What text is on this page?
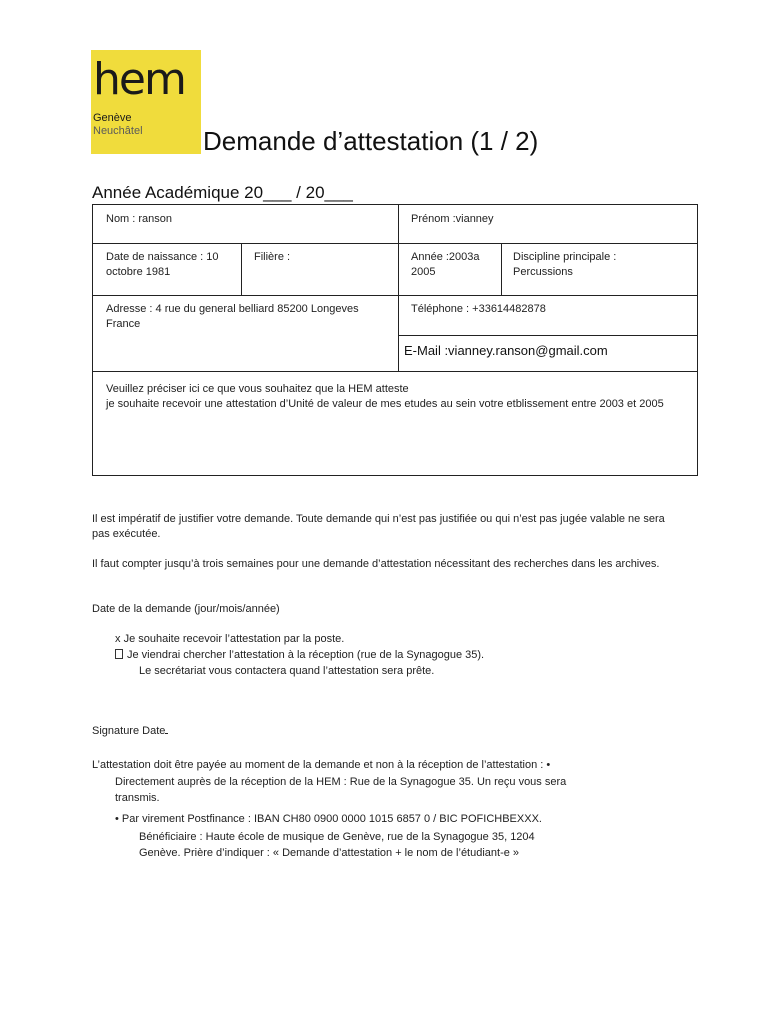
hem
Genève
Neuchâtel Demande d’attestation (1 / 2)
Année Académique 20___ / 20___
Nom : ranson	Prénom :vianney
Date de naissance : 10 octobre 1981
Filière :	Année :2003a 2005
Discipline principale : Percussions
Adresse : 4 rue du general belliard 85200 Longeves France
Téléphone : +33614482878
E-Mail :vianney.ranson@gmail.com
Veuillez préciser ici ce que vous souhaitez que la HEM atteste
je souhaite recevoir une attestation d’Unité de valeur de mes etudes au sein votre etblissement entre 2003 et 2005
Il est impératif de justifier votre demande. Toute demande qui n’est pas justifiée ou qui n’est pas jugée valable ne sera pas exécutée.
Il faut compter jusqu’à trois semaines pour une demande d’attestation nécessitant des recherches dans les archives.
Date de la demande (jour/mois/année)
x Je souhaite recevoir l’attestation par la poste.
Je viendrai chercher l’attestation à la réception (rue de la Synagogue 35).
Le secrétariat vous contactera quand l’attestation sera prête.
Signature Date
L’attestation doit être payée au moment de la demande et non à la réception de l’attestation : •
Directement auprès de la réception de la HEM : Rue de la Synagogue 35. Un reçu vous sera
transmis.
• Par virement Postfinance : IBAN CH80 0900 0000 1015 6857 0 / BIC POFICHBEXXX.
Bénéficiaire : Haute école de musique de Genève, rue de la Synagogue 35, 1204
Genève. Prière d’indiquer : « Demande d’attestation + le nom de l’étudiant-e »
